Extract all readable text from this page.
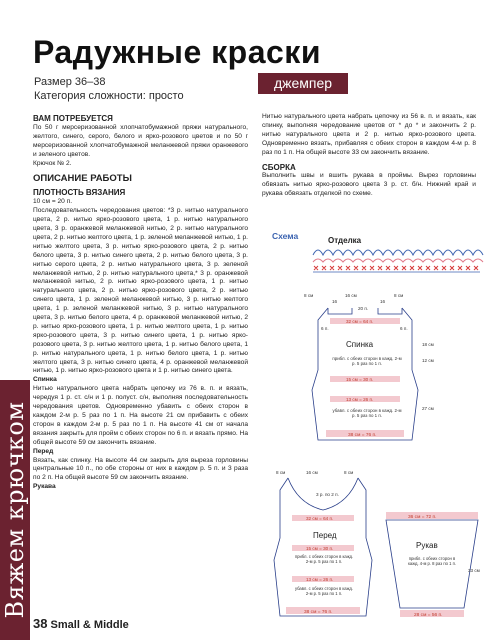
Радужные краски
Размер 36–38
Категория сложности: просто
джемпер

ВАМ ПОТРЕБУЕТСЯ

По 50 г мерсеризованной хлопчатобумажной пряжи натурального, желтого, синего, серого, белого и ярко-розового цветов и по 50 г мерсеризованной хлопчатобумажной меланжевой пряжи оранжевого и зеленого цветов.

Крючок № 2.

ОПИСАНИЕ РАБОТЫ

ПЛОТНОСТЬ ВЯЗАНИЯ

10 см = 20 п.

Последовательность чередования цветов: *3 р. нитью натурального цвета, 2 р. нитью ярко-розового цвета, 1 р. нитью натурального цвета, 3 р. оранжевой меланжевой нитью, 2 р. нитью натурального цвета, 2 р. нитью желтого цвета, 1 р. зеленой меланжевой нитью, 1 р. нитью желтого цвета, 3 р. нитью ярко-розового цвета, 2 р. нитью белого цвета, 3 р. нитью синего цвета, 2 р. нитью белого цвета, 3 р. нитью серого цвета, 2 р. нитью натурального цвета, 3 р. зеленой меланжевой нитью, 2 р. нитью натурального цвета,* 3 р. оранжевой меланжевой нитью, 2 р. нитью ярко-розового цвета, 1 р. нитью натурального цвета, 2 р. нитью ярко-розового цвета, 2 р. нитью синего цвета, 1 р. зеленой меланжевой нитью, 3 р. нитью желтого цвета, 1 р. зеленой меланжевой нитью, 3 р. нитью натурального цвета, 3 р. нитью белого цвета, 4 р. оранжевой меланжевой нитью, 2 р. нитью ярко-розового цвета, 1 р. нитью желтого цвета, 1 р. нитью ярко-розового цвета, 3 р. нитью синего цвета, 1 р. нитью ярко-розового цвета, 3 р. нитью желтого цвета, 1 р. нитью белого цвета, 1 р. нитью натурального цвета, 1 р. нитью белого цвета, 1 р. нитью желтого цвета, 3 р. нитью синего цвета, 4 р. оранжевой меланжевой нитью, 1 р. нитью ярко-розового цвета и 1 р. нитью синего цвета.

Спинка

Нитью натурального цвета набрать цепочку из 76 в. п. и вязать, чередуя 1 р. ст. с/н и 1 р. полуст. с/н, выполняя последовательность чередования цветов. Одновременно убавить с обеих сторон в каждом 2-м р. 5 раз по 1 п. На высоте 21 см прибавить с обеих сторон в каждом 2-м р. 5 раз по 1 п. На высоте 41 см от начала вязания закрыть для пройм с обеих сторон по 6 п. и вязать прямо. На общей высоте 59 см закончить вязание.

Перед

Вязать, как спинку. На высоте 44 см закрыть для выреза горловины центральные 10 п., по обе стороны от них в каждом р. 5 п. и 3 раза по 2 п. На общей высоте 59 см закончить вязание.

Рукава

Нитью натурального цвета набрать цепочку из 56 в. п. и вязать, как спинку, выполняя чередование цветов от * до * и закончить 2 р. нитью натурального цвета и 2 р. нитью ярко-розового цвета. Одновременно вязать, прибавляя с обеих сторон в каждом 4-м р. 8 раз по 1 п. На общей высоте 33 см закончить вязание.

СБОРКА

Выполнить швы и вшить рукава в проймы. Вырез горловины обвязать нитью ярко-розового цвета 3 р. ст. б/н. Нижний край и рукава обвязать отделкой по схеме.

Схема	Отделка
8 см	16 см	8 см
16	16
20 п.
32 см = 64 п.
Спинка
6 п.	6 п.
18 см
12 см
27 см
15 см = 30 п.
прибл. с обеих сторон в кажд. 2-м р. 5 раз по 1 п.
13 см = 26 п.
убавл. с обеих сторон в кажд. 2-м р. 5 раз по 1 п.
38 см = 76 п.
8 см	16 см	8 см
3 р. по 2 п.
32 см = 64 п.
15 см = 30 п.
Перед
прибл. с обеих сторон в кажд. 2-м р. 5 раз по 1 п.
13 см = 26 п.
убавл. с обеих сторон в кажд. 2-м р. 5 раз по 1 п.
38 см = 76 п.
36 см = 72 п.
Рукав
прибл. с обеих сторон в кажд. 4-м р. 8 раз по 1 п.
33 см
28 см = 56 п.
Вяжем крючком
38 Small & Middle
